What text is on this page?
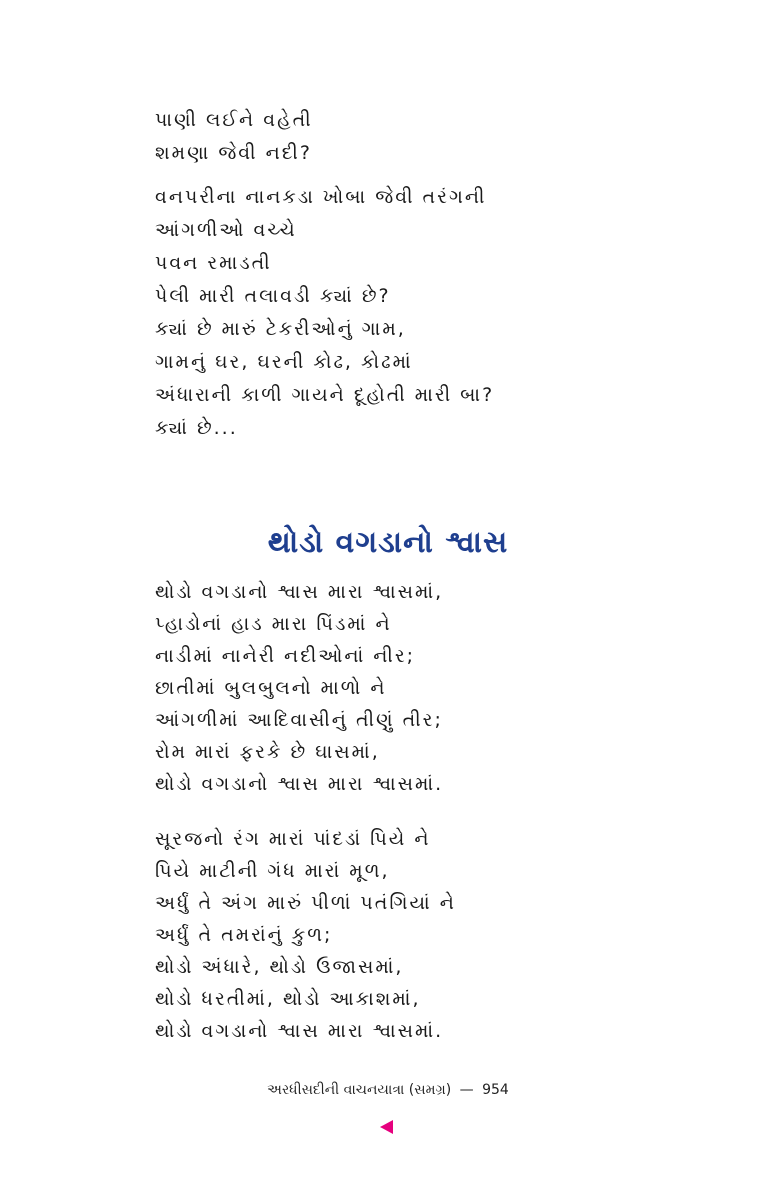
પાણી લઈને વહેતી
શમણા જેવી નદી?
વનપરીના નાનકડા ખોબા જેવી તરંગની
આંગળીઓ વચ્ચે
પવન રમાડતી
પેલી મારી તલાવડી ક્યાં છે?
ક્યાં છે મારું ટેકરીઓનું ગામ,
ગામનું ઘર, ઘરની કોઢ, કોઢમાં
અંધારાની કાળી ગાયને દૂહોતી મારી બા?
ક્યાં છે...
થોડો વગડાનો શ્વાસ
થોડો વગડાનો શ્વાસ મારા શ્વાસમાં,
પ્હાડોનાં હાડ મારા પિંડમાં ને
નાડીમાં નાનેરી નદીઓનાં નીર;
છાતીમાં બુલબુલનો માળો ને
આંગળીમાં આદિવાસીનું તીણું તીર;
રોમ મારાં ફરકે છે ઘાસમાં,
થોડો વગડાનો શ્વાસ મારા શ્વાસમાં.
સૂરજનો રંગ મારાં પાંદડાં પિયે ને
પિયે માટીની ગંધ મારાં મૂળ,
અર્ધું તે અંગ મારું પીળાં પતંગિયાં ને
અર્ધું તે તમરાંનું કુળ;
થોડો અંધારે, થોડો ઉજાસમાં,
થોડો ધરતીમાં, થોડો આકાશમાં,
થોડો વગડાનો શ્વાસ મારા શ્વાસમાં.
અરધીસદીની વાચનયાત્રા (સમગ્ર) — 954
